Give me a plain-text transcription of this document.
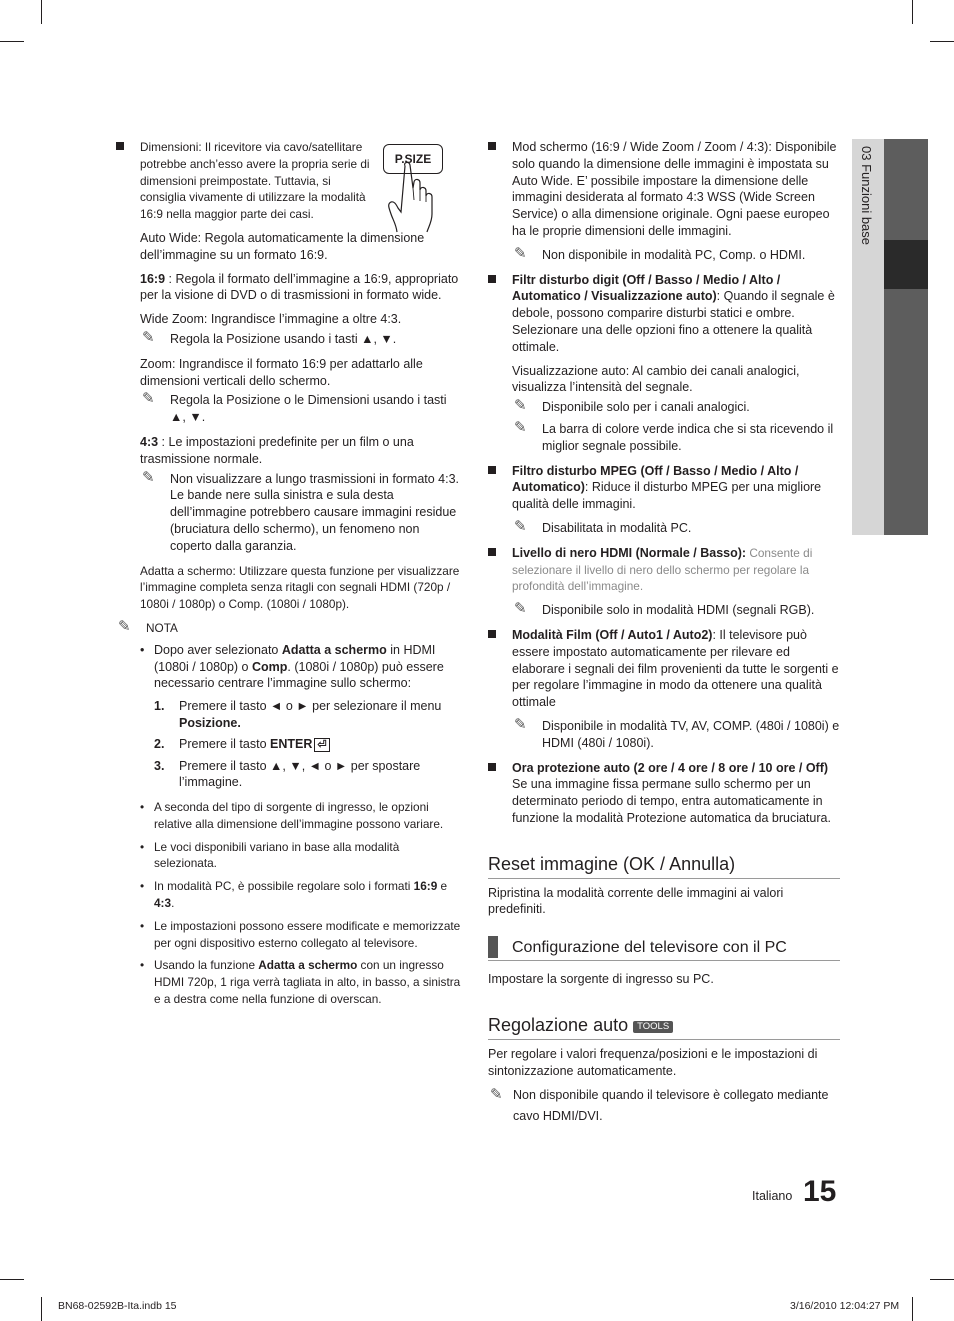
03 Funzioni base
P.SIZE
Dimensioni: Il ricevitore via cavo/satellitare potrebbe anch’esso avere la propria serie di dimensioni preimpostate. Tuttavia, si consiglia vivamente di utilizzare la modalità 16:9 nella maggior parte dei casi.

Auto Wide: Regola automaticamente la dimensione dell’immagine su un formato 16:9.

16:9 : Regola il formato dell’immagine a 16:9, appropriato per la visione di DVD o di trasmissioni in formato wide.

Wide Zoom: Ingrandisce l’immagine a oltre 4:3.

✎ Regola la Posizione usando i tasti ▲, ▼.

Zoom: Ingrandisce il formato 16:9 per adattarlo alle dimensioni verticali dello schermo.

✎ Regola la Posizione o le Dimensioni usando i tasti ▲, ▼.

4:3 : Le impostazioni predefinite per un film o una trasmissione normale.

✎ Non visualizzare a lungo trasmissioni in formato 4:3. Le bande nere sulla sinistra e sula desta dell’immagine potrebbero causare immagini residue (bruciatura dello schermo), un fenomeno non coperto dalla garanzia.

Adatta a schermo: Utilizzare questa funzione per visualizzare l’immagine completa senza ritagli con segnali HDMI (720p / 1080i / 1080p) o Comp. (1080i / 1080p).

✎ NOTA
• Dopo aver selezionato Adatta a schermo in HDMI (1080i / 1080p) o Comp. (1080i / 1080p) può essere necessario centrare l’immagine sullo schermo:
1. Premere il tasto ◄ o ► per selezionare il menu Posizione.
2. Premere il tasto ENTER ⏎
3. Premere il tasto ▲, ▼, ◄ o ► per spostare l’immagine.
• A seconda del tipo di sorgente di ingresso, le opzioni relative alla dimensione dell’immagine possono variare.
• Le voci disponibili variano in base alla modalità selezionata.
• In modalità PC, è possibile regolare solo i formati 16:9 e 4:3.
• Le impostazioni possono essere modificate e memorizzate per ogni dispositivo esterno collegato al televisore.
• Usando la funzione Adatta a schermo con un ingresso HDMI 720p, 1 riga verrà tagliata in alto, in basso, a sinistra e a destra come nella funzione di overscan.
Mod schermo (16:9 / Wide Zoom / Zoom / 4:3): Disponibile solo quando la dimensione delle immagini è impostata su Auto Wide. E’ possibile impostare la dimensione delle immagini desiderata al formato 4:3 WSS (Wide Screen Service) o alla dimensione originale. Ogni paese europeo ha le proprie dimensioni delle immagini.
✎ Non disponibile in modalità PC, Comp. o HDMI.
Filtr disturbo digit (Off / Basso / Medio / Alto / Automatico / Visualizzazione auto): Quando il segnale è debole, possono comparire disturbi statici e ombre. Selezionare una delle opzioni fino a ottenere la qualità ottimale.

Visualizzazione auto: Al cambio dei canali analogici, visualizza l’intensità del segnale.

✎ Disponibile solo per i canali analogici.
✎ La barra di colore verde indica che si sta ricevendo il miglior segnale possibile.
Filtro disturbo MPEG (Off / Basso / Medio / Alto / Automatico): Riduce il disturbo MPEG per una migliore qualità delle immagini.
✎ Disabilitata in modalità PC.
Livello di nero HDMI (Normale / Basso): Consente di selezionare il livello di nero dello schermo per regolare la profondità dell’immagine.
✎ Disponibile solo in modalità HDMI (segnali RGB).
Modalità Film (Off / Auto1 / Auto2): Il televisore può essere impostato automaticamente per rilevare ed elaborare i segnali dei film provenienti da tutte le sorgenti e per regolare l’immagine in modo da ottenere una qualità ottimale
✎ Disponibile in modalità TV, AV, COMP. (480i / 1080i) e HDMI (480i / 1080i).
Ora protezione auto (2 ore / 4 ore / 8 ore / 10 ore / Off) Se una immagine fissa permane sullo schermo per un determinato periodo di tempo, entra automaticamente in funzione la modalità Protezione automatica da bruciatura.
Reset immagine (OK / Annulla)

Ripristina la modalità corrente delle immagini ai valori predefiniti.

Configurazione del televisore con il PC

Impostare la sorgente di ingresso su PC.

Regolazione auto TOOLS

Per regolare i valori frequenza/posizioni e le impostazioni di sintonizzazione automaticamente.

✎ Non disponibile quando il televisore è collegato mediante cavo HDMI/DVI.
Italiano 15
BN68-02592B-Ita.indb 15	3/16/2010 12:04:27 PM
